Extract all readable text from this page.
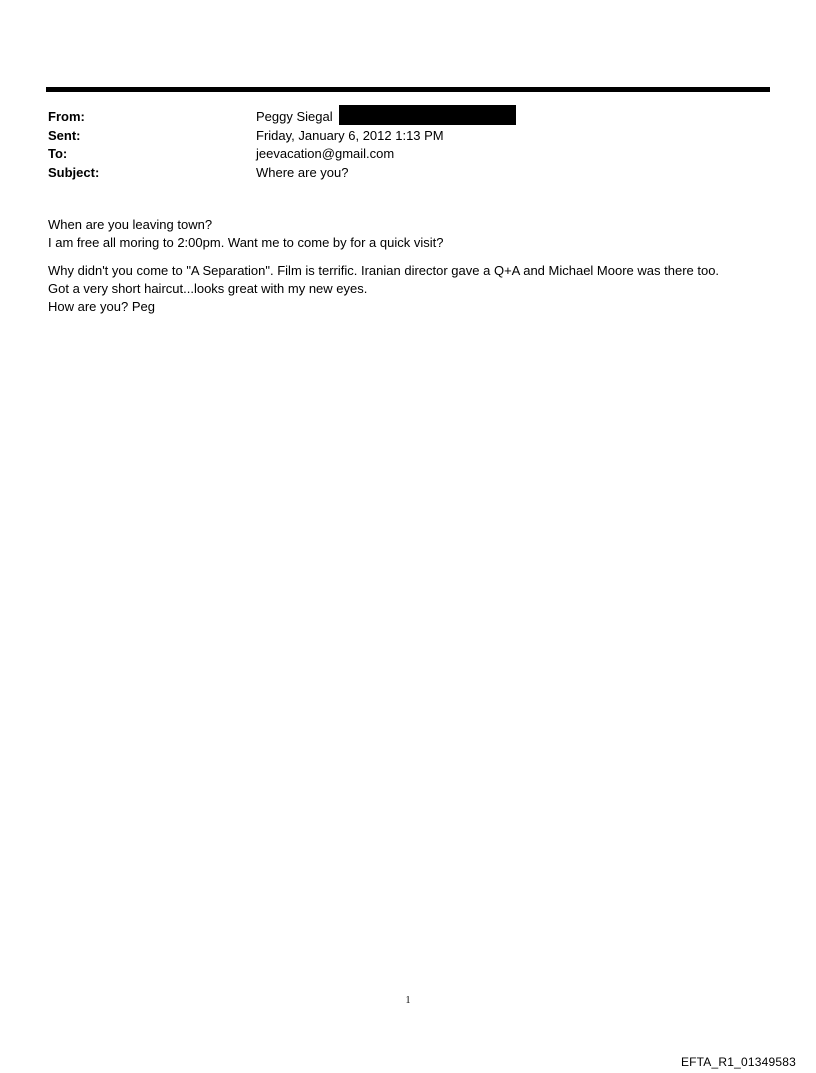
From:	Peggy Siegal
Sent:	Friday, January 6, 2012 1:13 PM
To:	jeevacation@gmail.com
Subject:	Where are you?
When are you leaving town?
I am free all moring to 2:00pm. Want me to come by for a quick visit?
Why didn't you come to "A Separation". Film is terrific. Iranian director gave a Q+A and Michael Moore was there too.
Got a very short haircut...looks great with my new eyes.
How are you? Peg
1
EFTA_R1_01349583
